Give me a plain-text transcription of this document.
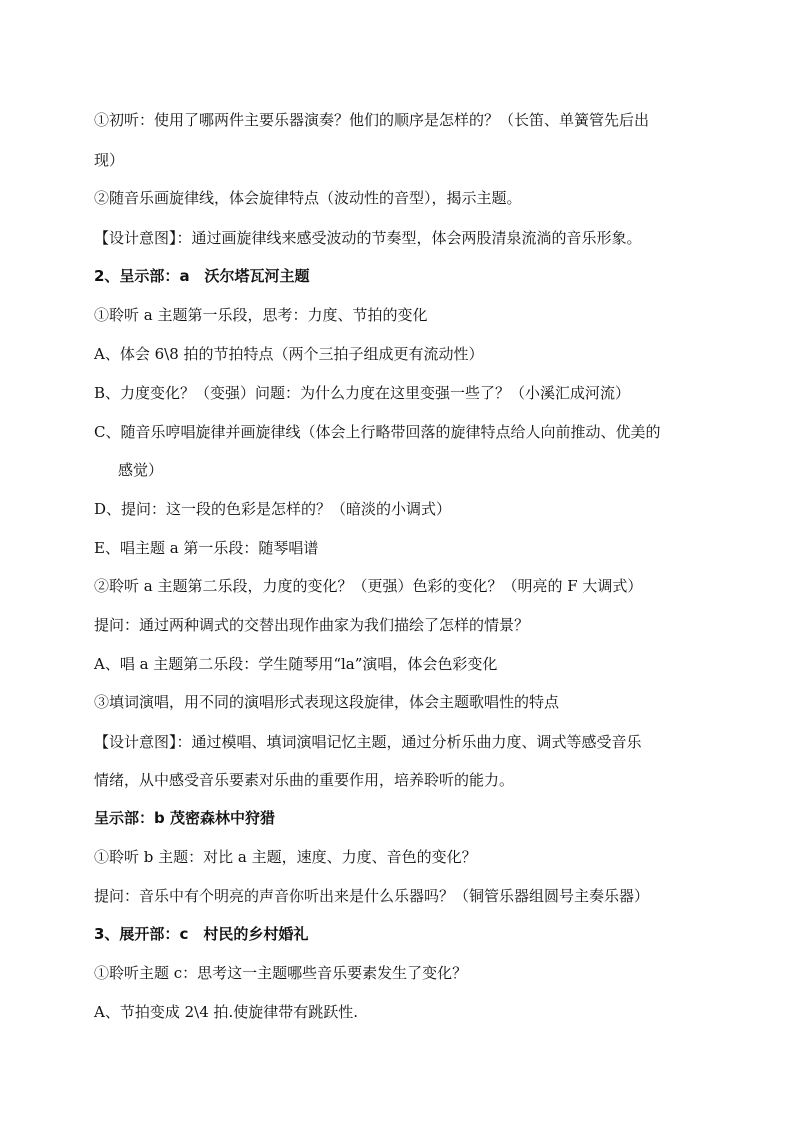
①初听：使用了哪两件主要乐器演奏？他们的顺序是怎样的？（长笛、单簧管先后出
现）
②随音乐画旋律线，体会旋律特点（波动性的音型），揭示主题。
【设计意图】：通过画旋律线来感受波动的节奏型，体会两股清泉流淌的音乐形象。
2、呈示部：a　沃尔塔瓦河主题
①聆听 a 主题第一乐段，思考：力度、节拍的变化
A、体会 6\8 拍的节拍特点（两个三拍子组成更有流动性）
B、力度变化？（变强）问题：为什么力度在这里变强一些了？（小溪汇成河流）
C、随音乐哼唱旋律并画旋律线（体会上行略带回落的旋律特点给人向前推动、优美的
感觉）
D、提问：这一段的色彩是怎样的？（暗淡的小调式）
E、唱主题 a 第一乐段：随琴唱谱
②聆听 a 主题第二乐段，力度的变化？（更强）色彩的变化？（明亮的 F 大调式）
提问：通过两种调式的交替出现作曲家为我们描绘了怎样的情景？
A、唱 a 主题第二乐段：学生随琴用“la”演唱，体会色彩变化
③填词演唱，用不同的演唱形式表现这段旋律，体会主题歌唱性的特点
【设计意图】：通过模唱、填词演唱记忆主题，通过分析乐曲力度、调式等感受音乐
情绪，从中感受音乐要素对乐曲的重要作用，培养聆听的能力。
呈示部：b 茂密森林中狩猎
①聆听 b 主题：对比 a 主题，速度、力度、音色的变化？
提问：音乐中有个明亮的声音你听出来是什么乐器吗？（铜管乐器组圆号主奏乐器）
3、展开部：c　村民的乡村婚礼
①聆听主题 c：思考这一主题哪些音乐要素发生了变化？
A、节拍变成 2\4 拍.使旋律带有跳跃性.
